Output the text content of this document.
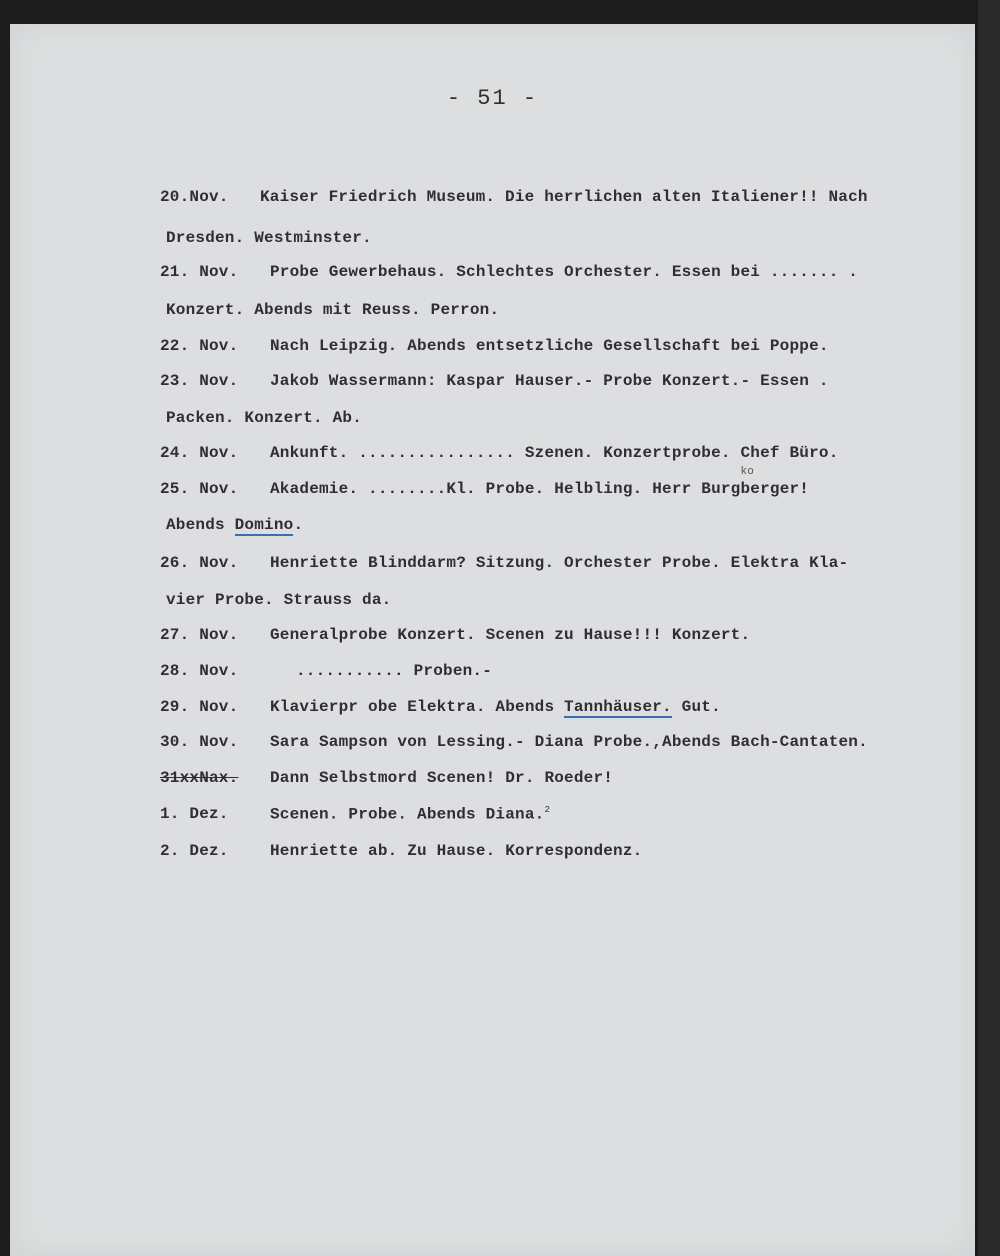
- 51 -
20.Nov. Kaiser Friedrich Museum. Die herrlichen alten Italiener!! Nach
Dresden. Westminster.
21. Nov. Probe Gewerbehaus. Schlechtes Orchester. Essen bei ....... .
Konzert. Abends mit Reuss. Perron.
22. Nov. Nach Leipzig. Abends entsetzliche Gesellschaft bei Poppe.
23. Nov. Jakob Wassermann: Kaspar Hauser.- Probe Konzert.- Essen .
Packen. Konzert. Ab.
24. Nov. Ankunft. ................ Szenen. Konzertprobe. Chef Büro.
25. Nov. Akademie. ........Kl. Probe. Helbling. Herr Burg
ko
berger!
Abends Domino.
26. Nov. Henriette Blinddarm? Sitzung. Orchester Probe. Elektra Kla-
vier Probe. Strauss da.
27. Nov. Generalprobe Konzert. Scenen zu Hause!!! Konzert.
28. Nov.	........... Proben.-
29. Nov. Klavierpr obe Elektra. Abends Tannhäuser. Gut.
30. Nov. Sara Sampson von Lessing.- Diana Probe.,Abends Bach-Cantaten.
31xxNax. Dann Selbstmord Scenen! Dr. Roeder!
1. Dez.	Scenen. Probe. Abends Diana.$^2$
2. Dez.	Henriette ab. Zu Hause. Korrespondenz.
